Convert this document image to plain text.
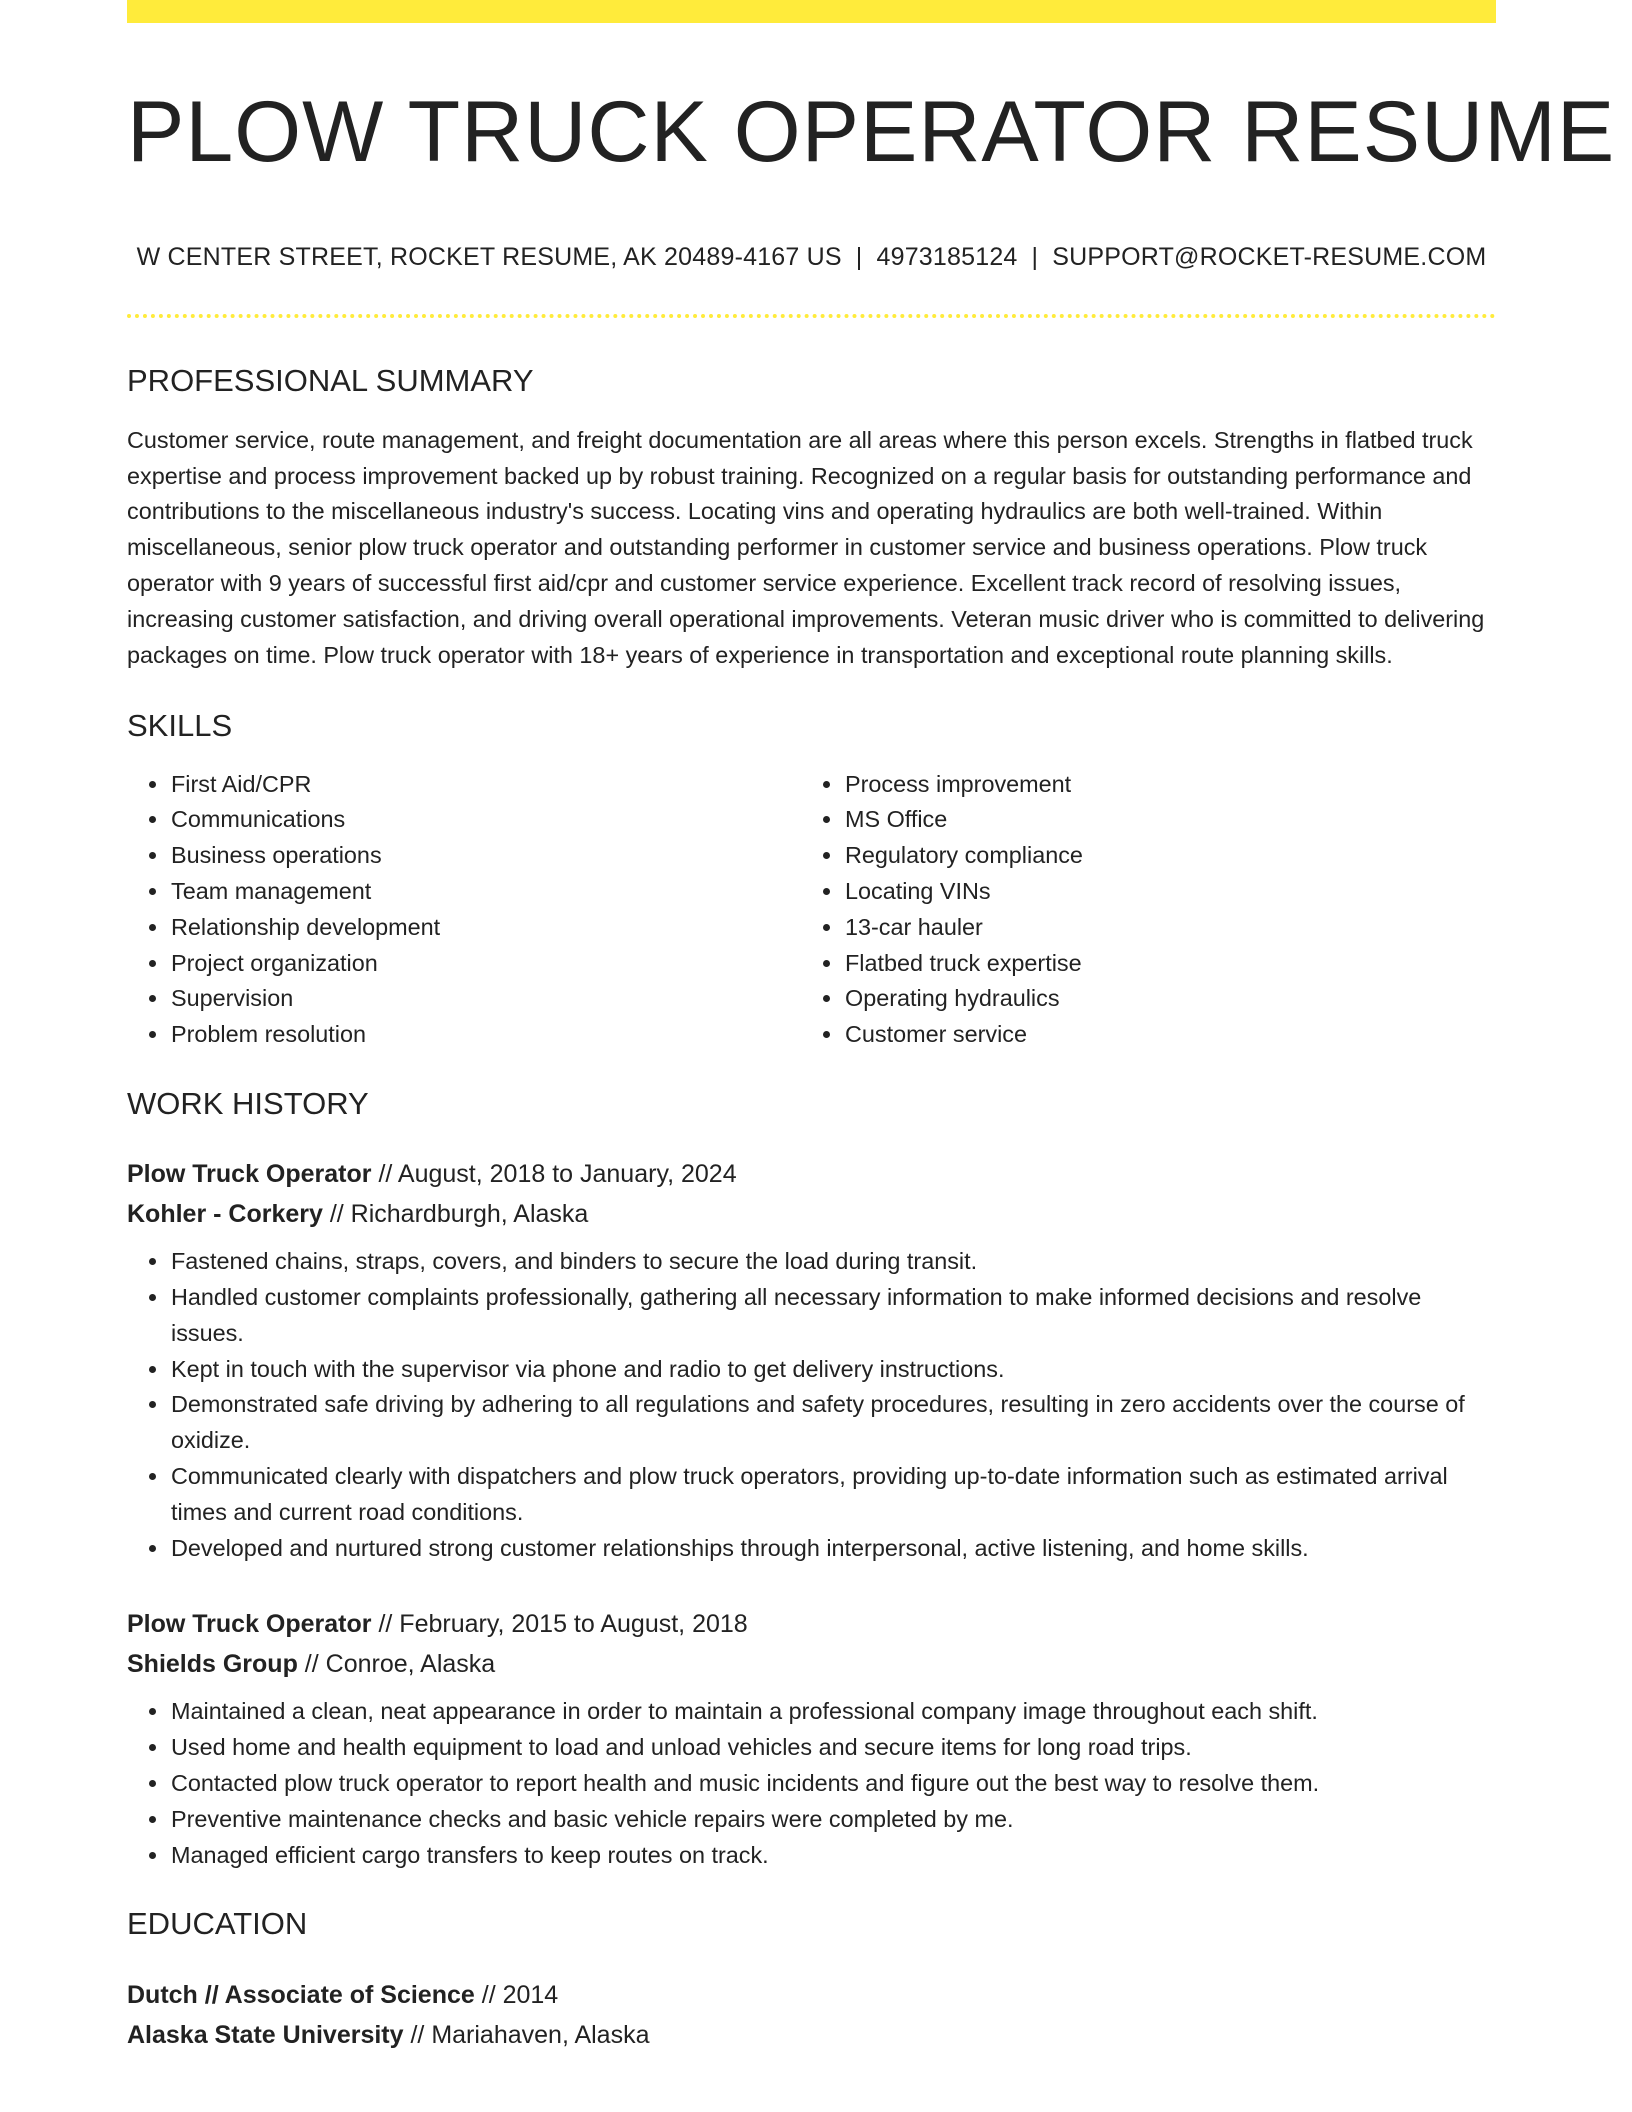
PLOW TRUCK OPERATOR RESUME
W CENTER STREET, ROCKET RESUME, AK 20489-4167 US | 4973185124 | SUPPORT@ROCKET-RESUME.COM
PROFESSIONAL SUMMARY
Customer service, route management, and freight documentation are all areas where this person excels. Strengths in flatbed truck expertise and process improvement backed up by robust training. Recognized on a regular basis for outstanding performance and contributions to the miscellaneous industry's success. Locating vins and operating hydraulics are both well-trained. Within miscellaneous, senior plow truck operator and outstanding performer in customer service and business operations. Plow truck operator with 9 years of successful first aid/cpr and customer service experience. Excellent track record of resolving issues, increasing customer satisfaction, and driving overall operational improvements. Veteran music driver who is committed to delivering packages on time. Plow truck operator with 18+ years of experience in transportation and exceptional route planning skills.
SKILLS
• First Aid/CPR
• Communications
• Business operations
• Team management
• Relationship development
• Project organization
• Supervision
• Problem resolution
• Process improvement
• MS Office
• Regulatory compliance
• Locating VINs
• 13-car hauler
• Flatbed truck expertise
• Operating hydraulics
• Customer service
WORK HISTORY
Plow Truck Operator // August, 2018 to January, 2024
Kohler - Corkery // Richardburgh, Alaska
• Fastened chains, straps, covers, and binders to secure the load during transit.
• Handled customer complaints professionally, gathering all necessary information to make informed decisions and resolve issues.
• Kept in touch with the supervisor via phone and radio to get delivery instructions.
• Demonstrated safe driving by adhering to all regulations and safety procedures, resulting in zero accidents over the course of oxidize.
• Communicated clearly with dispatchers and plow truck operators, providing up-to-date information such as estimated arrival times and current road conditions.
• Developed and nurtured strong customer relationships through interpersonal, active listening, and home skills.
Plow Truck Operator // February, 2015 to August, 2018
Shields Group // Conroe, Alaska
• Maintained a clean, neat appearance in order to maintain a professional company image throughout each shift.
• Used home and health equipment to load and unload vehicles and secure items for long road trips.
• Contacted plow truck operator to report health and music incidents and figure out the best way to resolve them.
• Preventive maintenance checks and basic vehicle repairs were completed by me.
• Managed efficient cargo transfers to keep routes on track.
EDUCATION
Dutch // Associate of Science // 2014
Alaska State University // Mariahaven, Alaska
